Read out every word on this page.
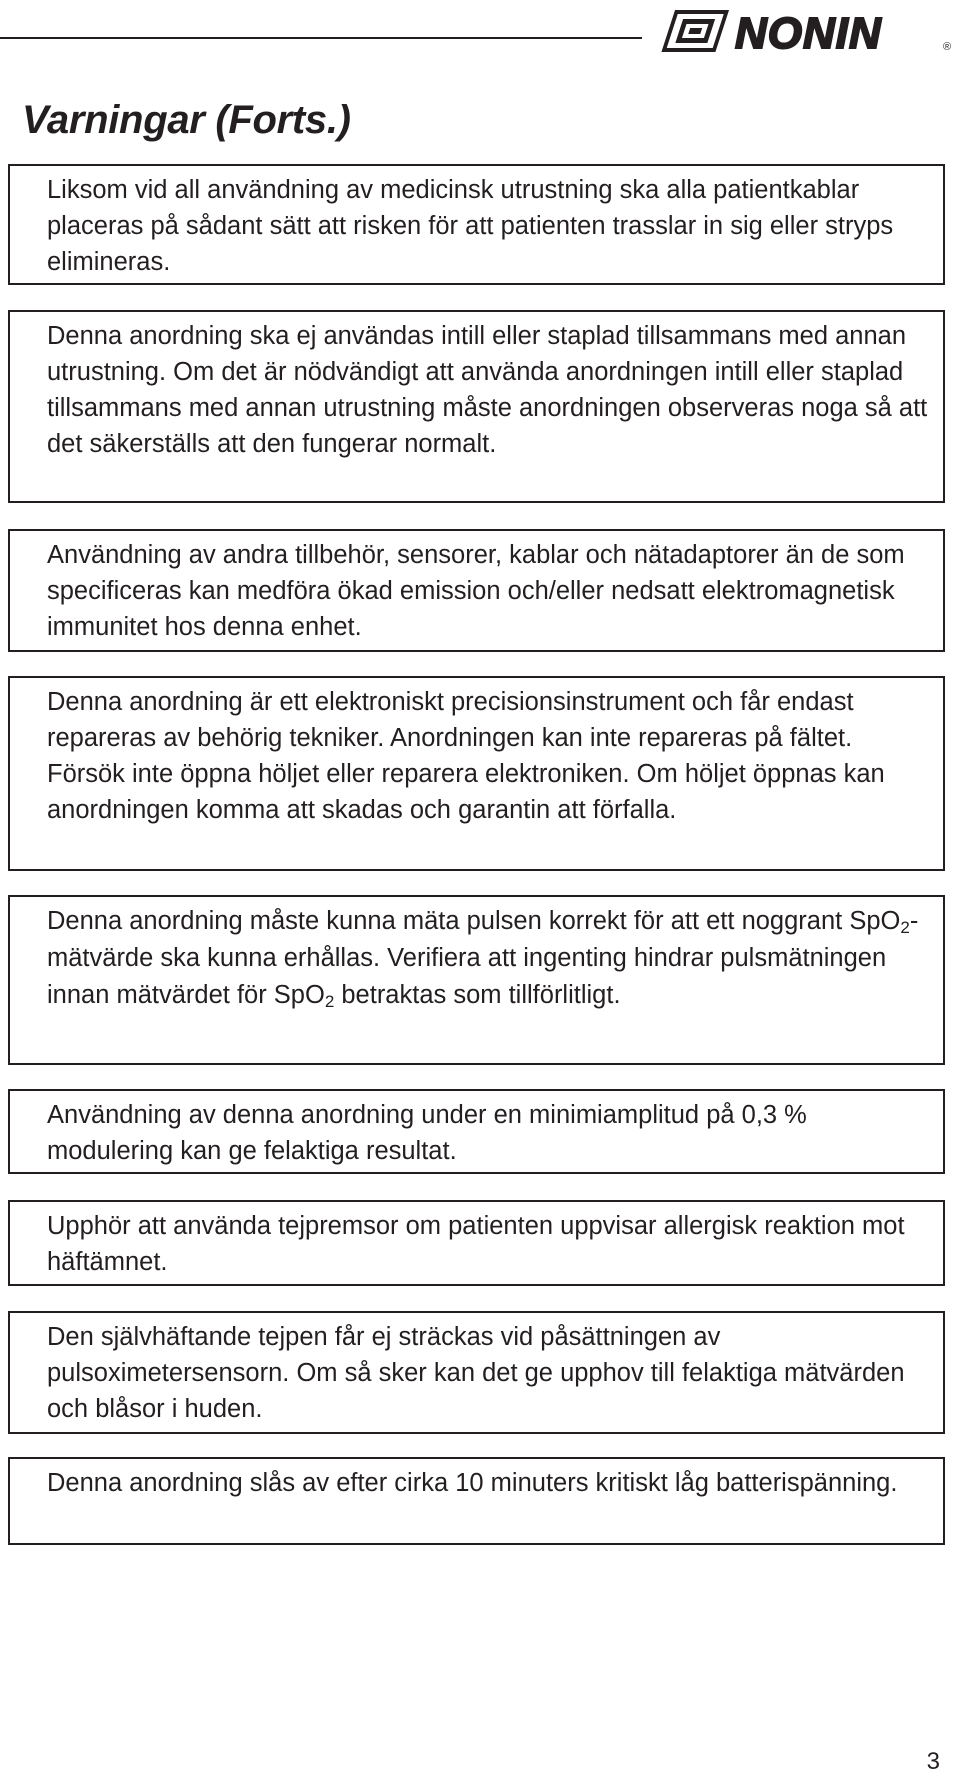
NONIN	®
Varningar (Forts.)

Liksom vid all användning av medicinsk utrustning ska alla patientkablar placeras på sådant sätt att risken för att patienten trasslar in sig eller stryps elimineras.

Denna anordning ska ej användas intill eller staplad tillsammans med annan utrustning. Om det är nödvändigt att använda anordningen intill eller staplad tillsammans med annan utrustning måste anordningen observeras noga så att det säkerställs att den fungerar normalt.

Användning av andra tillbehör, sensorer, kablar och nätadaptorer än de som specificeras kan medföra ökad emission och/eller nedsatt elektromagnetisk immunitet hos denna enhet.

Denna anordning är ett elektroniskt precisionsinstrument och får endast repareras av behörig tekniker. Anordningen kan inte repareras på fältet. Försök inte öppna höljet eller reparera elektroniken. Om höljet öppnas kan anordningen komma att skadas och garantin att förfalla.

Denna anordning måste kunna mäta pulsen korrekt för att ett noggrant SpO$_2$-mätvärde ska kunna erhållas. Verifiera att ingenting hindrar pulsmätningen innan mätvärdet för SpO$_2$ betraktas som tillförlitligt.

Användning av denna anordning under en minimiamplitud på 0,3 % modulering kan ge felaktiga resultat.

Upphör att använda tejpremsor om patienten uppvisar allergisk reaktion mot häftämnet.

Den självhäftande tejpen får ej sträckas vid påsättningen av pulsoximetersensorn. Om så sker kan det ge upphov till felaktiga mätvärden och blåsor i huden.

Denna anordning slås av efter cirka 10 minuters kritiskt låg batterispänning.

3
